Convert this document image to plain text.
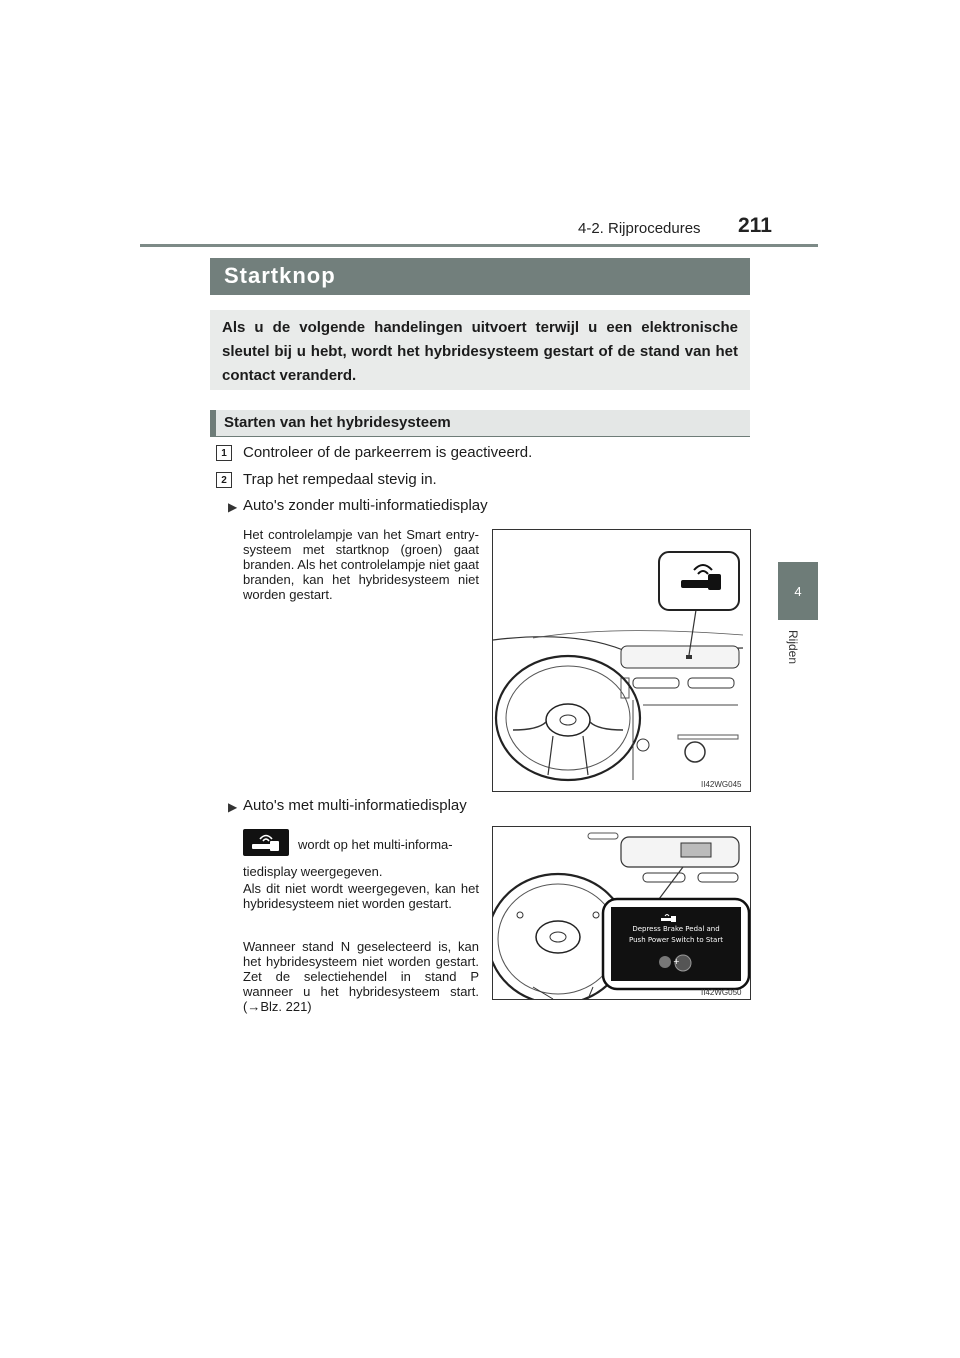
4-2. Rijprocedures 211
4
Rijden
Startknop
Als u de volgende handelingen uitvoert terwijl u een elektronische sleutel bij u hebt, wordt het hybridesysteem gestart of de stand van het contact veranderd.
Starten van het hybridesysteem
1	Controleer of de parkeerrem is geactiveerd.
2	Trap het rempedaal stevig in.
▶ Auto's zonder multi-informatiedisplay
Het controlelampje van het Smart entry-systeem met startknop (groen) gaat branden. Als het controlelampje niet gaat branden, kan het hybridesysteem niet worden gestart.
II42WG045
▶ Auto's met multi-informatiedisplay
wordt op het multi-informa-
tiedisplay weergegeven.
Als dit niet wordt weergegeven, kan het hybridesysteem niet worden gestart.
Wanneer stand N geselecteerd is, kan het hybridesysteem niet worden gestart. Zet de selectiehendel in stand P wanneer u het hybridesysteem start. (→Blz. 221)
+
Depress Brake Pedal and
Push Power Switch to Start
II42WG050
